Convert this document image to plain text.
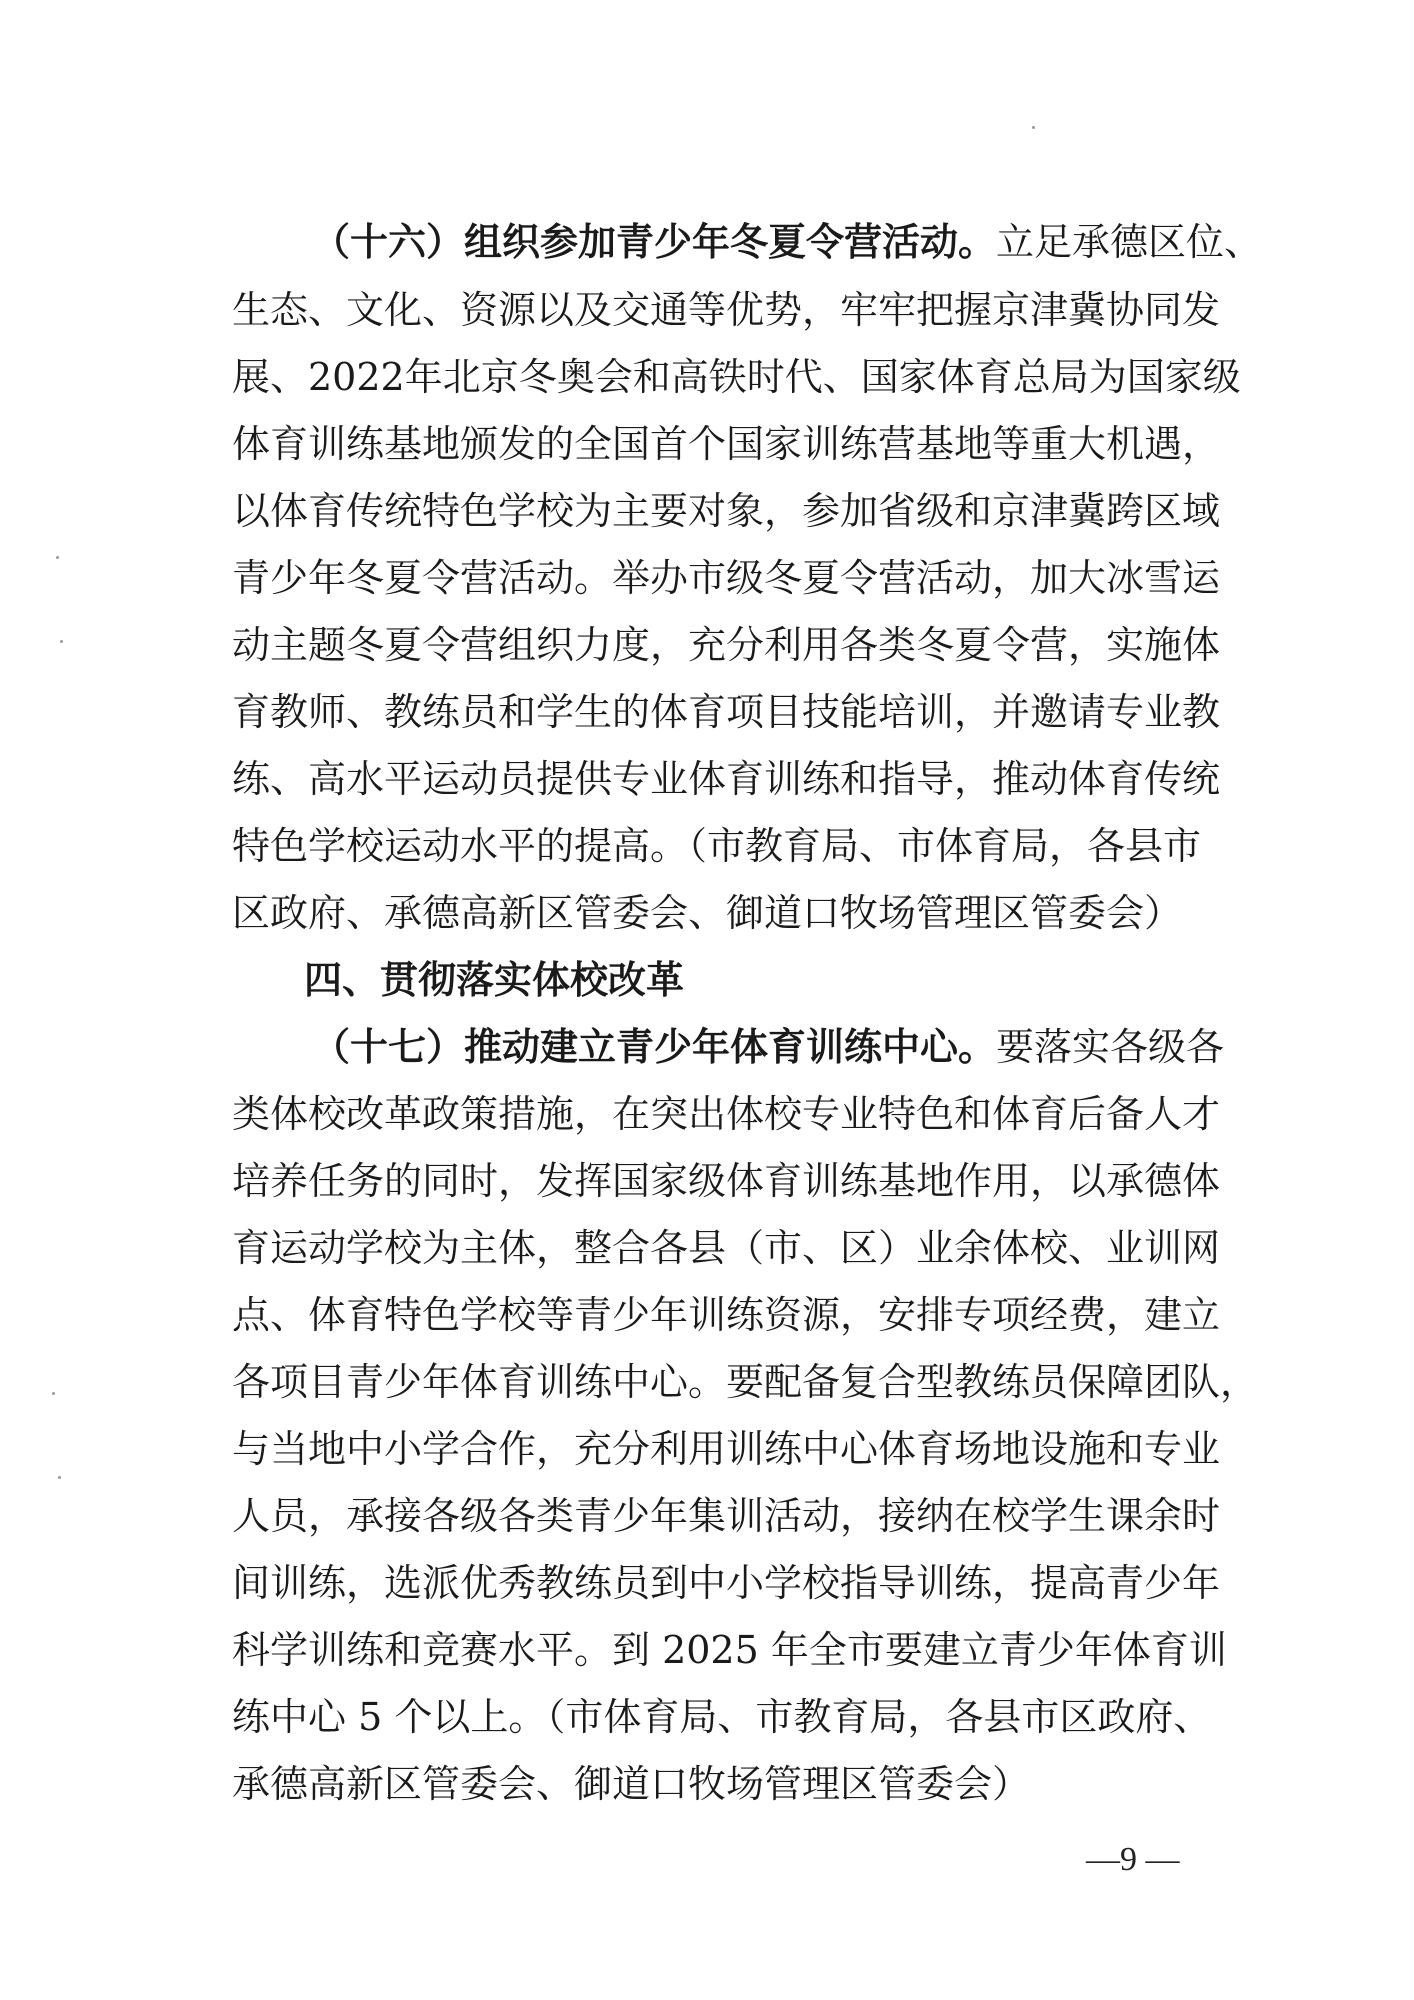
（十六）组织参加青少年冬夏令营活动。立足承德区位、
生态、文化、资源以及交通等优势，牢牢把握京津冀协同发
展、2022年北京冬奥会和高铁时代、国家体育总局为国家级
体育训练基地颁发的全国首个国家训练营基地等重大机遇，
以体育传统特色学校为主要对象，参加省级和京津冀跨区域
青少年冬夏令营活动。举办市级冬夏令营活动，加大冰雪运
动主题冬夏令营组织力度，充分利用各类冬夏令营，实施体
育教师、教练员和学生的体育项目技能培训，并邀请专业教
练、高水平运动员提供专业体育训练和指导，推动体育传统
特色学校运动水平的提高。（市教育局、市体育局，各县市
区政府、承德高新区管委会、御道口牧场管理区管委会）
四、贯彻落实体校改革
（十七）推动建立青少年体育训练中心。要落实各级各
类体校改革政策措施，在突出体校专业特色和体育后备人才
培养任务的同时，发挥国家级体育训练基地作用，以承德体
育运动学校为主体，整合各县（市、区）业余体校、业训网
点、体育特色学校等青少年训练资源，安排专项经费，建立
各项目青少年体育训练中心。要配备复合型教练员保障团队，
与当地中小学合作，充分利用训练中心体育场地设施和专业
人员，承接各级各类青少年集训活动，接纳在校学生课余时
间训练，选派优秀教练员到中小学校指导训练，提高青少年
科学训练和竞赛水平。到 2025 年全市要建立青少年体育训
练中心 5 个以上。（市体育局、市教育局，各县市区政府、
承德高新区管委会、御道口牧场管理区管委会）
—9 —
